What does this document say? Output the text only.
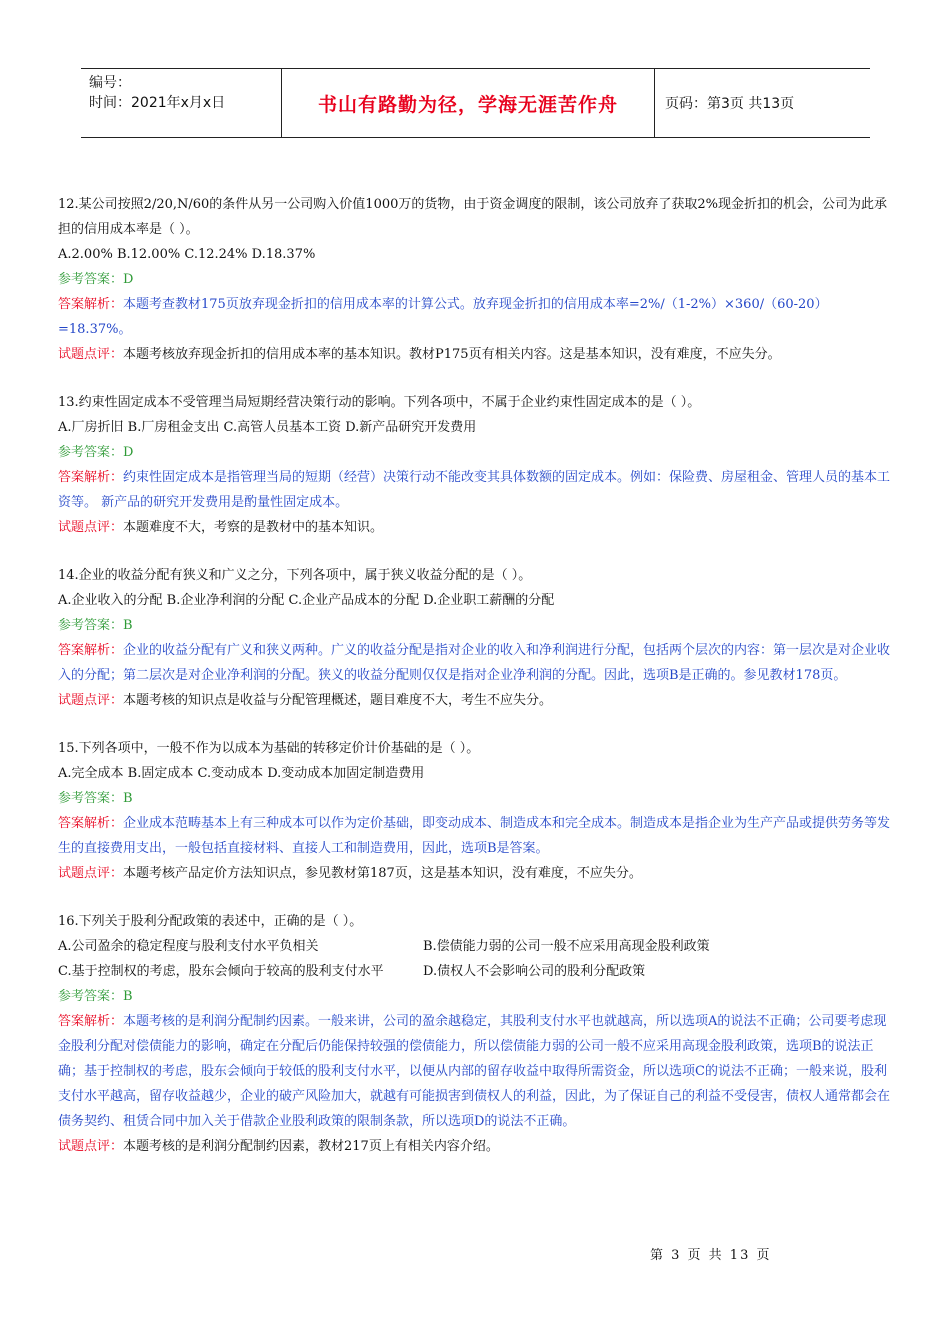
编号：
时间：2021年x月x日	书山有路勤为径，学海无涯苦作舟	页码：第3页 共13页

12.某公司按照2/20,N/60的条件从另一公司购入价值1000万的货物，由于资金调度的限制，该公司放弃了获取2%现金折扣的机会，公司为此承担的信用成本率是（ ）。

A.2.00% B.12.00% C.12.24% D.18.37%

参考答案：D

答案解析：本题考查教材175页放弃现金折扣的信用成本率的计算公式。放弃现金折扣的信用成本率=2%/（1-2%）×360/（60-20）=18.37%。

试题点评：本题考核放弃现金折扣的信用成本率的基本知识。教材P175页有相关内容。这是基本知识，没有难度，不应失分。

13.约束性固定成本不受管理当局短期经营决策行动的影响。下列各项中，不属于企业约束性固定成本的是（ ）。

A.厂房折旧 B.厂房租金支出 C.高管人员基本工资 D.新产品研究开发费用

参考答案：D

答案解析：约束性固定成本是指管理当局的短期（经营）决策行动不能改变其具体数额的固定成本。例如：保险费、房屋租金、管理人员的基本工资等。 新产品的研究开发费用是酌量性固定成本。

试题点评：本题难度不大，考察的是教材中的基本知识。

14.企业的收益分配有狭义和广义之分，下列各项中，属于狭义收益分配的是（ ）。

A.企业收入的分配 B.企业净利润的分配 C.企业产品成本的分配 D.企业职工薪酬的分配

参考答案：B

答案解析：企业的收益分配有广义和狭义两种。广义的收益分配是指对企业的收入和净利润进行分配，包括两个层次的内容：第一层次是对企业收入的分配；第二层次是对企业净利润的分配。狭义的收益分配则仅仅是指对企业净利润的分配。因此，选项B是正确的。参见教材178页。

试题点评：本题考核的知识点是收益与分配管理概述，题目难度不大，考生不应失分。

15.下列各项中，一般不作为以成本为基础的转移定价计价基础的是（ ）。

A.完全成本 B.固定成本 C.变动成本 D.变动成本加固定制造费用

参考答案：B

答案解析：企业成本范畴基本上有三种成本可以作为定价基础，即变动成本、制造成本和完全成本。制造成本是指企业为生产产品或提供劳务等发生的直接费用支出，一般包括直接材料、直接人工和制造费用，因此，选项B是答案。

试题点评：本题考核产品定价方法知识点，参见教材第187页，这是基本知识，没有难度，不应失分。

16.下列关于股利分配政策的表述中，正确的是（ ）。

A.公司盈余的稳定程度与股利支付水平负相关	B.偿债能力弱的公司一般不应采用高现金股利政策
C.基于控制权的考虑，股东会倾向于较高的股利支付水平	D.债权人不会影响公司的股利分配政策

参考答案：B

答案解析：本题考核的是利润分配制约因素。一般来讲，公司的盈余越稳定，其股利支付水平也就越高，所以选项A的说法不正确；公司要考虑现金股利分配对偿债能力的影响，确定在分配后仍能保持较强的偿债能力，所以偿债能力弱的公司一般不应采用高现金股利政策，选项B的说法正确；基于控制权的考虑，股东会倾向于较低的股利支付水平，以便从内部的留存收益中取得所需资金，所以选项C的说法不正确；一般来说，股利支付水平越高，留存收益越少，企业的破产风险加大，就越有可能损害到债权人的利益，因此，为了保证自己的利益不受侵害，债权人通常都会在债务契约、租赁合同中加入关于借款企业股利政策的限制条款，所以选项D的说法不正确。

试题点评：本题考核的是利润分配制约因素，教材217页上有相关内容介绍。

第 3 页 共 13 页
